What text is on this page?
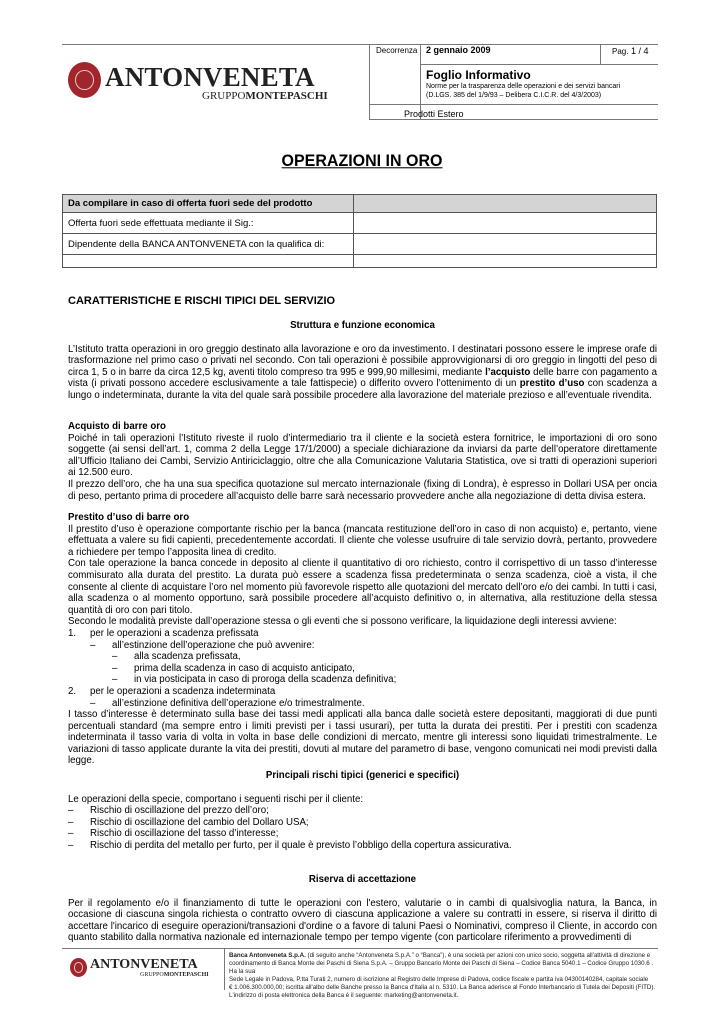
ANTONVENETA
GRUPPOMONTEPASCHI
Decorrenza 2 gennaio 2009	Pag. 1 / 4
Foglio Informativo
Norme per la trasparenza delle operazioni e dei servizi bancari
(D.LGS. 385 del 1/9/93 – Delibera C.I.C.R. del 4/3/2003)
Prodotti Estero
OPERAZIONI IN ORO
Da compilare in caso di offerta fuori sede del prodotto	
Offerta fuori sede effettuata mediante il Sig.:	
Dipendente della BANCA ANTONVENETA con la qualifica di:	

CARATTERISTICHE E RISCHI TIPICI DEL SERVIZIO

Struttura e funzione economica

L’Istituto tratta operazioni in oro greggio destinato alla lavorazione e oro da investimento. I destinatari possono essere le imprese orafe di trasformazione nel primo caso o privati nel secondo. Con tali operazioni è possibile approvvigionarsi di oro greggio in lingotti del peso di circa 1, 5 o in barre da circa 12,5 kg, aventi titolo compreso tra 995 e 999,90 millesimi, mediante l’acquisto delle barre con pagamento a vista (i privati possono accedere esclusivamente a tale fattispecie) o differito ovvero l’ottenimento di un prestito d’uso con scadenza a lungo o indeterminata, durante la vita del quale sarà possibile procedere alla lavorazione del materiale prezioso e all’eventuale rivendita.

Acquisto di barre oro

Poiché in tali operazioni l’Istituto riveste il ruolo d’intermediario tra il cliente e la società estera fornitrice, le importazioni di oro sono soggette (ai sensi dell’art. 1, comma 2 della Legge 17/1/2000) a speciale dichiarazione da inviarsi da parte dell’operatore direttamente all’Ufficio Italiano dei Cambi, Servizio Antiriciclaggio, oltre che alla Comunicazione Valutaria Statistica, ove si tratti di operazioni superiori ai 12.500 euro.

Il prezzo dell’oro, che ha una sua specifica quotazione sul mercato internazionale (fixing di Londra), è espresso in Dollari USA per oncia di peso, pertanto prima di procedere all’acquisto delle barre sarà necessario provvedere anche alla negoziazione di detta divisa estera.

Prestito d’uso di barre oro

Il prestito d’uso è operazione comportante rischio per la banca (mancata restituzione dell’oro in caso di non acquisto) e, pertanto, viene effettuata a valere su fidi capienti, precedentemente accordati. Il cliente che volesse usufruire di tale servizio dovrà, pertanto, provvedere a richiedere per tempo l’apposita linea di credito.

Con tale operazione la banca concede in deposito al cliente il quantitativo di oro richiesto, contro il corrispettivo di un tasso d’interesse commisurato alla durata del prestito. La durata può essere a scadenza fissa predeterminata o senza scadenza, cioè a vista, il che consente al cliente di acquistare l’oro nel momento più favorevole rispetto alle quotazioni del mercato dell’oro e/o dei cambi. In tutti i casi, alla scadenza o al momento opportuno, sarà possibile procedere all’acquisto definitivo o, in alternativa, alla restituzione della stessa quantità di oro con pari titolo.

Secondo le modalità previste dall’operazione stessa o gli eventi che si possono verificare, la liquidazione degli interessi avviene:

1. per le operazioni a scadenza prefissata
– all’estinzione dell’operazione che può avvenire:
– alla scadenza prefissata,
– prima della scadenza in caso di acquisto anticipato,
– in via posticipata in caso di proroga della scadenza definitiva;
2. per le operazioni a scadenza indeterminata
– all’estinzione definitiva dell’operazione e/o trimestralmente.

I tasso d’interesse è determinato sulla base dei tassi medi applicati alla banca dalle società estere depositanti, maggiorati di due punti percentuali standard (ma sempre entro i limiti previsti per i tassi usurari), per tutta la durata dei prestiti. Per i prestiti con scadenza indeterminata il tasso varia di volta in volta in base delle condizioni di mercato, mentre gli interessi sono liquidati trimestralmente. Le variazioni di tasso applicate durante la vita dei prestiti, dovuti al mutare del parametro di base, vengono comunicati nei modi previsti dalla legge.

Principali rischi tipici (generici e specifici)

Le operazioni della specie, comportano i seguenti rischi per il cliente:

– Rischio di oscillazione del prezzo dell’oro;
– Rischio di oscillazione del cambio del Dollaro USA;
– Rischio di oscillazione del tasso d’interesse;
– Rischio di perdita del metallo per furto, per il quale è previsto l’obbligo della copertura assicurativa.

Riserva di accettazione

Per il regolamento e/o il finanziamento di tutte le operazioni con l'estero, valutarie o in cambi di qualsivoglia natura, la Banca, in occasione di ciascuna singola richiesta o contratto ovvero di ciascuna applicazione a valere su contratti in essere, si riserva il diritto di accettare l'incarico di eseguire operazioni/transazioni d'ordine o a favore di taluni Paesi o Nominativi, compreso il Cliente, in accordo con quanto stabilito dalla normativa nazionale ed internazionale tempo per tempo vigente (con particolare riferimento a provvedimenti di

ANTONVENETA
GRUPPOMONTEPASCHI
Banca Antonveneta S.p.A. (di seguito anche “Antonveneta S.p.A.” o “Banca”), è una società per azioni con unico socio, soggetta all'attività di direzione e
coordinamento di Banca Monte dei Paschi di Siena S.p.A. – Gruppo Bancario Monte dei Paschi di Siena – Codice Banca 5040.1 – Codice Gruppo 1030.6 . Ha la sua
Sede Legale in Padova, P.tta Turati 2, numero di iscrizione al Registro delle Imprese di Padova, codice fiscale e partita iva 04300140284, capitale sociale
€ 1.006.300.000,00; iscritta all'albo delle Banche presso la Banca d'Italia al n. 5310. La Banca aderisce al Fondo Interbancario di Tutela dei Depositi (FITD).
L'indirizzo di posta elettronica della Banca è il seguente: marketing@antonveneta.it.
